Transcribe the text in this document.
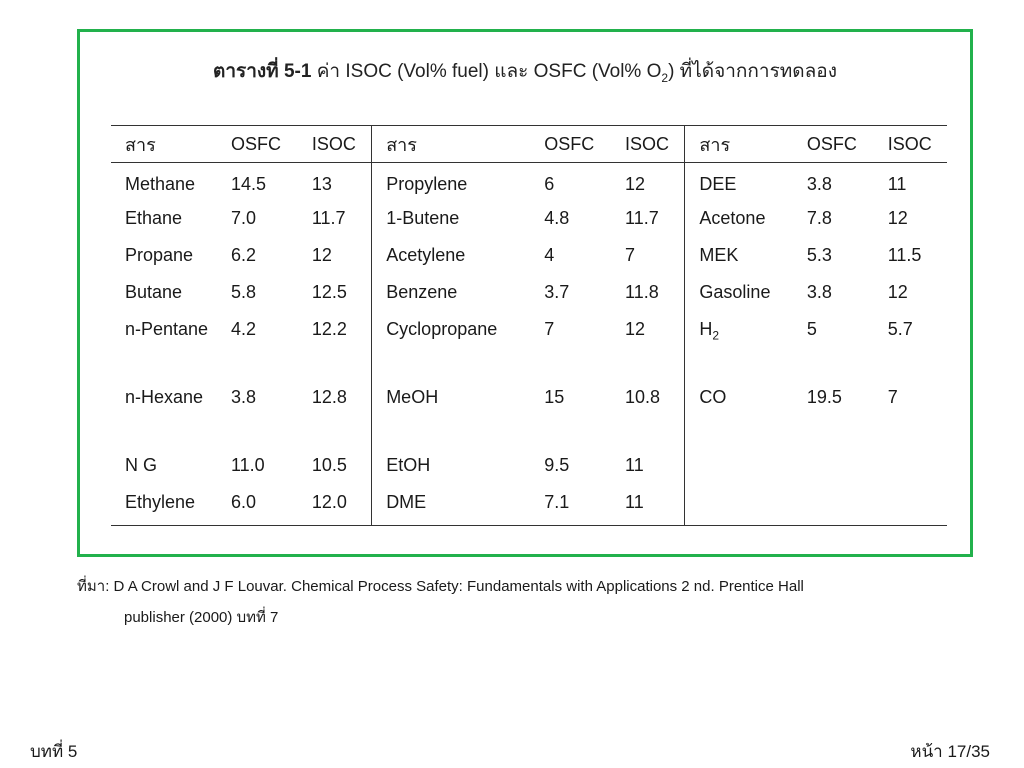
ตารางที่ 5-1 ค่า ISOC (Vol% fuel) และ OSFC (Vol% $O_2$) ที่ได้จากการทดลอง
สาร	OSFC	ISOC	สาร	OSFC	ISOC	สาร	OSFC	ISOC
Methane	14.5	13	Propylene	6	12	DEE	3.8	11
Ethane	7.0	11.7	1-Butene	4.8	11.7	Acetone	7.8	12
Propane	6.2	12	Acetylene	4	7	MEK	5.3	11.5
Butane	5.8	12.5	Benzene	3.7	11.8	Gasoline	3.8	12
n-Pentane	4.2	12.2	Cyclopropane	7	12	$H_2$	5	5.7
n-Hexane	3.8	12.8	MeOH	15	10.8	CO	19.5	7
N G	11.0	10.5	EtOH	9.5	11			
Ethylene	6.0	12.0	DME	7.1	11			
ที่มา: D A Crowl and J F Louvar. Chemical Process Safety: Fundamentals with Applications 2 nd. Prentice Hall
publisher (2000) บทที่ 7
บทที่ 5	หน้า 17/35
